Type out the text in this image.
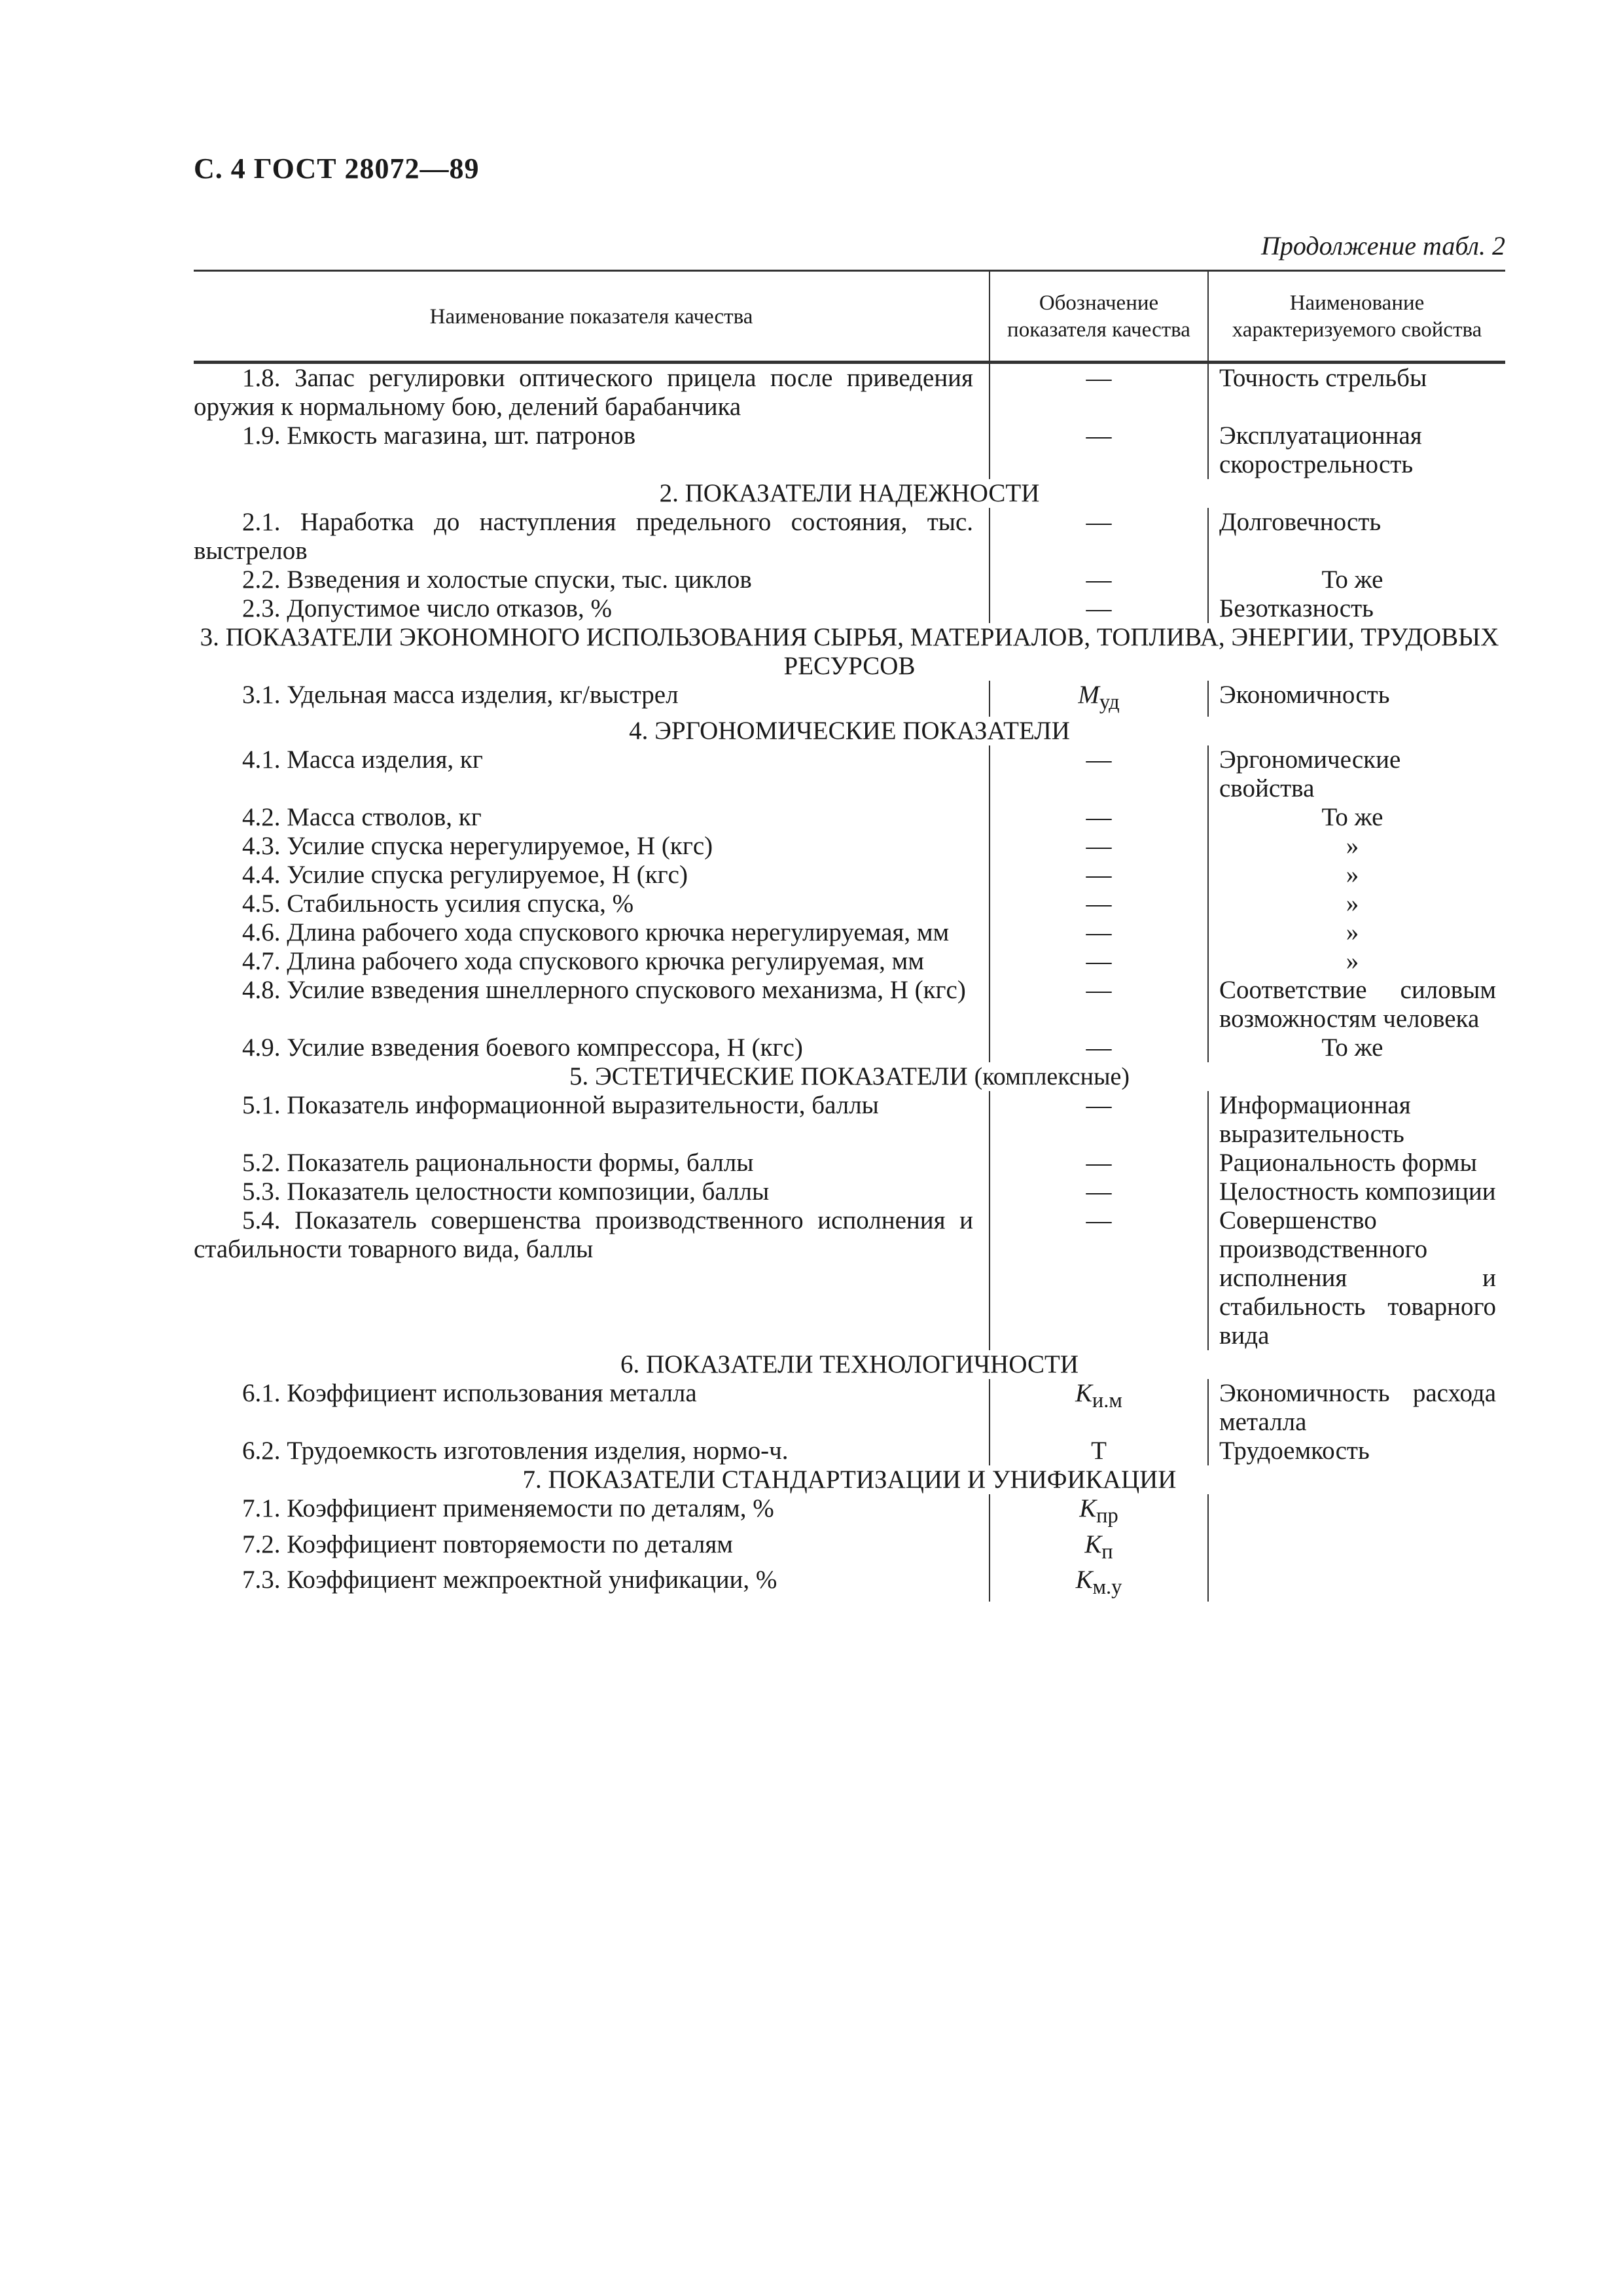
С. 4 ГОСТ 28072—89
Продолжение табл. 2
Наименование показателя качества	Обозначение показателя качества	Наименование характеризуемого свойства
1.8. Запас регулировки оптического прицела после приведения оружия к нормальному бою, делений барабанчика	—	Точность стрельбы
1.9. Емкость магазина, шт. патронов	—	Эксплуатационная скорострельность
2. ПОКАЗАТЕЛИ НАДЕЖНОСТИ		
2.1. Наработка до наступления предельного состояния, тыс. выстрелов	—	Долговечность
2.2. Взведения и холостые спуски, тыс. циклов	—	То же
2.3. Допустимое число отказов, %	—	Безотказность
3. ПОКАЗАТЕЛИ ЭКОНОМНОГО ИСПОЛЬЗОВАНИЯ СЫРЬЯ, МАТЕРИАЛОВ, ТОПЛИВА, ЭНЕРГИИ, ТРУДОВЫХ РЕСУРСОВ		
3.1. Удельная масса изделия, кг/выстрел	$М_{уд}$	Экономичность
4. ЭРГОНОМИЧЕСКИЕ ПОКАЗАТЕЛИ		
4.1. Масса изделия, кг	—	Эргономические свойства
4.2. Масса стволов, кг	—	То же
4.3. Усилие спуска нерегулируемое, Н (кгс)	—	»
4.4. Усилие спуска регулируемое, Н (кгс)	—	»
4.5. Стабильность усилия спуска, %	—	»
4.6. Длина рабочего хода спускового крючка нерегулируемая, мм	—	»
4.7. Длина рабочего хода спускового крючка регулируемая, мм	—	»
4.8. Усилие взведения шнеллерного спускового механизма, Н (кгс)	—	Соответствие силовым возможностям человека
4.9. Усилие взведения боевого компрессора, Н (кгс)	—	То же
5. ЭСТЕТИЧЕСКИЕ ПОКАЗАТЕЛИ (комплексные)		
5.1. Показатель информационной выразительности, баллы	—	Информационная выразительность
5.2. Показатель рациональности формы, баллы	—	Рациональность формы
5.3. Показатель целостности композиции, баллы	—	Целостность композиции
5.4. Показатель совершенства производственного исполнения и стабильности товарного вида, баллы	—	Совершенство производственного исполнения и стабильность товарного вида
6. ПОКАЗАТЕЛИ ТЕХНОЛОГИЧНОСТИ		
6.1. Коэффициент использования металла	$К_{и.м}$	Экономичность расхода металла
6.2. Трудоемкость изготовления изделия, нормо-ч.	Т	Трудоемкость
7. ПОКАЗАТЕЛИ СТАНДАРТИЗАЦИИ И УНИФИКАЦИИ		
7.1. Коэффициент применяемости по деталям, %	$К_{пр}$	
7.2. Коэффициент повторяемости по деталям	$К_п$	
7.3. Коэффициент межпроектной унификации, %	$К_{м.у}$	
